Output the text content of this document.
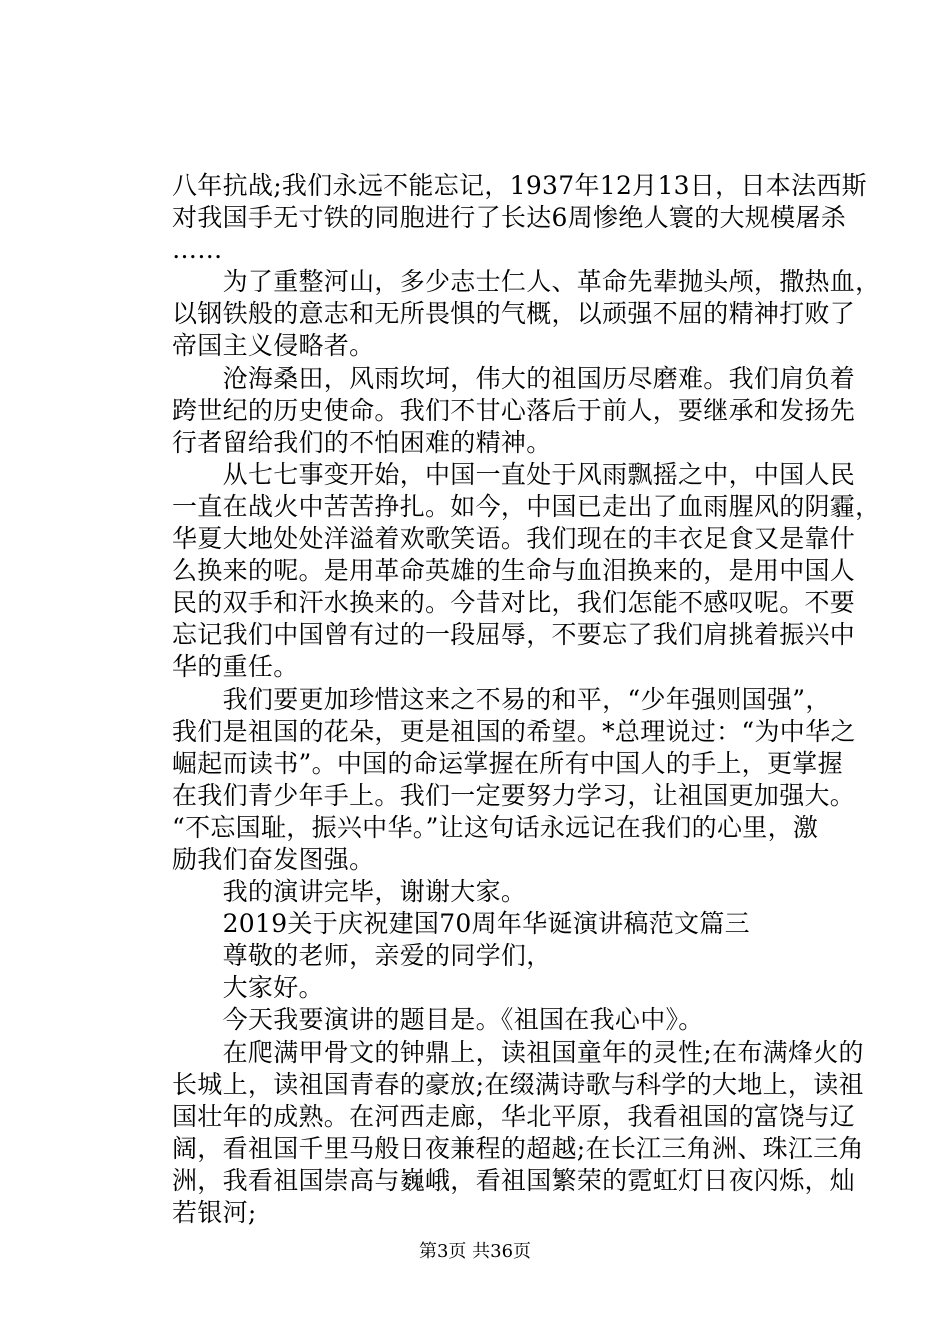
八年抗战;我们永远不能忘记，1937年12月13日，日本法西斯
对我国手无寸铁的同胞进行了长达6周惨绝人寰的大规模屠杀
……
　　为了重整河山，多少志士仁人、革命先辈抛头颅，撒热血，
以钢铁般的意志和无所畏惧的气概，以顽强不屈的精神打败了
帝国主义侵略者。
　　沧海桑田，风雨坎坷，伟大的祖国历尽磨难。我们肩负着
跨世纪的历史使命。我们不甘心落后于前人，要继承和发扬先
行者留给我们的不怕困难的精神。
　　从七七事变开始，中国一直处于风雨飘摇之中，中国人民
一直在战火中苦苦挣扎。如今，中国已走出了血雨腥风的阴霾，
华夏大地处处洋溢着欢歌笑语。我们现在的丰衣足食又是靠什
么换来的呢。是用革命英雄的生命与血泪换来的，是用中国人
民的双手和汗水换来的。今昔对比，我们怎能不感叹呢。不要
忘记我们中国曾有过的一段屈辱，不要忘了我们肩挑着振兴中
华的重任。
　　我们要更加珍惜这来之不易的和平，“少年强则国强”，
我们是祖国的花朵，更是祖国的希望。*总理说过：“为中华之
崛起而读书”。中国的命运掌握在所有中国人的手上，更掌握
在我们青少年手上。我们一定要努力学习，让祖国更加强大。
“不忘国耻，振兴中华。”让这句话永远记在我们的心里，激
励我们奋发图强。
　　我的演讲完毕，谢谢大家。
　　2019关于庆祝建国70周年华诞演讲稿范文篇三
　　尊敬的老师，亲爱的同学们，
　　大家好。
　　今天我要演讲的题目是。《祖国在我心中》。
　　在爬满甲骨文的钟鼎上，读祖国童年的灵性;在布满烽火的
长城上，读祖国青春的豪放;在缀满诗歌与科学的大地上，读祖
国壮年的成熟。在河西走廊，华北平原，我看祖国的富饶与辽
阔，看祖国千里马般日夜兼程的超越;在长江三角洲、珠江三角
洲，我看祖国崇高与巍峨，看祖国繁荣的霓虹灯日夜闪烁，灿
若银河;
第3页 共36页
